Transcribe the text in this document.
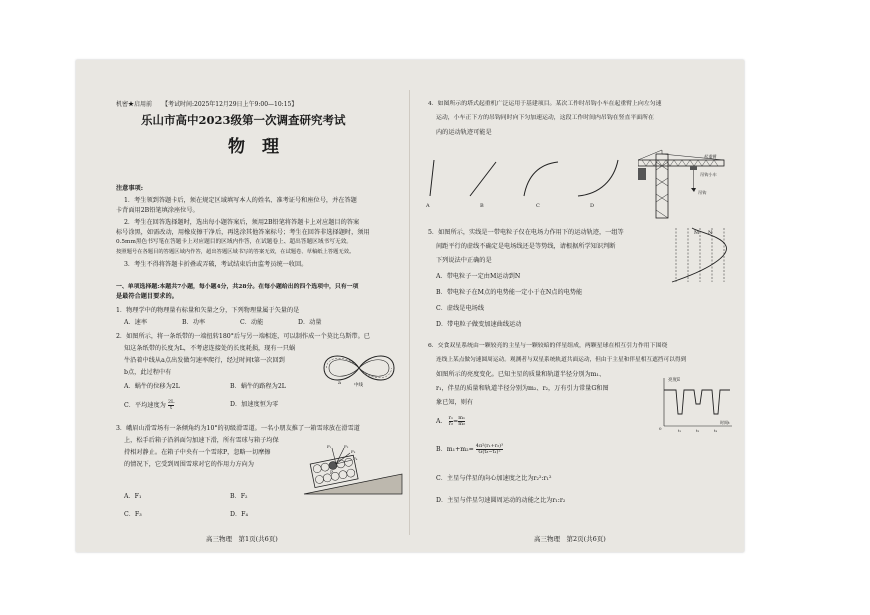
机密★启用前 【考试时间:2025年12月29日上午9:00—10:15】
乐山市高中2023级第一次调查研究考试
物　理
注意事项:
1．考生领到答题卡后，须在规定区域填写本人的姓名、准考证号和座位号，并在答题
卡背面用2B铅笔填涂座位号。
2．考生在回答选择题时，选出每小题答案后，须用2B铅笔将答题卡上对应题目的答案
标号涂黑，如需改动，用橡皮擦干净后，再选涂其他答案标号；考生在回答非选择题时，须用
0.5mm黑色书写笔在答题卡上对应题目的区域内作答，在试题卷上、超出答题区域书写无效。
按照题号在各题目的答题区域内作答，超出答题区域书写的答案无效，在试题卷、草稿纸上答题无效。
3．考生不得将答题卡折叠或弄破，考试结束后由监考员统一收回。
一、单项选择题:本题共7小题，每小题4分，共28分。在每小题给出的四个选项中，只有一项
是最符合题目要求的。
1．物理学中的物理量有标量和矢量之分，下列物理量属于矢量的是
A．速率	B．功率	C．动能	D．动量
2．如图所示，将一条纸带的一端扭转180°后与另一端相连，可以制作成一个莫比乌斯带。已
知这条纸带的长度为L，不考虑连接处的长度耗损，现有一只蜗
牛沿着中线从a点出发做匀速率爬行，经过时间t第一次回到
b点，此过程中有
a	中线
A．蜗牛的位移为2L	B．蜗牛的路程为2L
C．平均速度为 $\frac{2L}{t}$	D．加速度恒为零
3．峨眉山滑雪场有一条倾角约为10°的初级滑雪道。一名小朋友推了一箱雪球放在滑雪道
上，松手后箱子沿斜面匀加速下滑，所有雪球与箱子均保
持相对静止。在箱子中央有一个雪球P，忽略一切摩擦
的情况下，它受到周围雪球对它的作用力方向为
P
F₁	F₂
F₃
F₄
A．F₁	B．F₂
C．F₃	D．F₄
高三物理　第1页(共6页)
4．如图所示的塔式起重机广泛运用于基建项目。某次工作时吊钩小车在起重臂上向左匀速
运动，小车正下方的吊钩同时向下匀加速运动，这段工作时间内吊钩在竖直平面所在
内的运动轨迹可能是
A	B	C	D
起重臂
吊钩小车
吊钩
5．如图所示，实线是一带电粒子仅在电场力作用下的运动轨迹，一组等
间距平行的虚线不确定是电场线还是等势线，请根据所学知识判断
下列说法中正确的是
M N
A．带电粒子一定由M运动到N
B．带电粒子在M点的电势能一定小于在N点的电势能
C．虚线是电场线
D．带电粒子做变加速曲线运动
6．交食双星系统由一颗较亮的主星与一颗较暗的伴星组成，两颗星球在相互引力作用下围绕
连线上某点做匀速圆周运动。观测者与双星系统轨道共面运动，但由于主星和伴星相互遮挡可以得到
如图所示的亮度变化。已知主星的质量和轨道半径分别为m₁、
r₁，伴星的质量和轨道半径分别为m₂、r₂，万有引力常量G和图
象已知，则有
亮度E
t₁	t₂	t₃
时间t
0
A． $\frac{\text{r₁}}{\text{r₂}} = \frac{\text{m₁}}{\text{m₂}}$
B．$m_1+m_2= \frac{\text{4π²(r₁+r₂)³}}{\text{G(t₃−t₁)²}}$
C．主星与伴星的向心加速度之比为r₂²:r₁²
D．主星与伴星匀速圆周运动的动能之比为r₁:r₂
高三物理　第2页(共6页)
